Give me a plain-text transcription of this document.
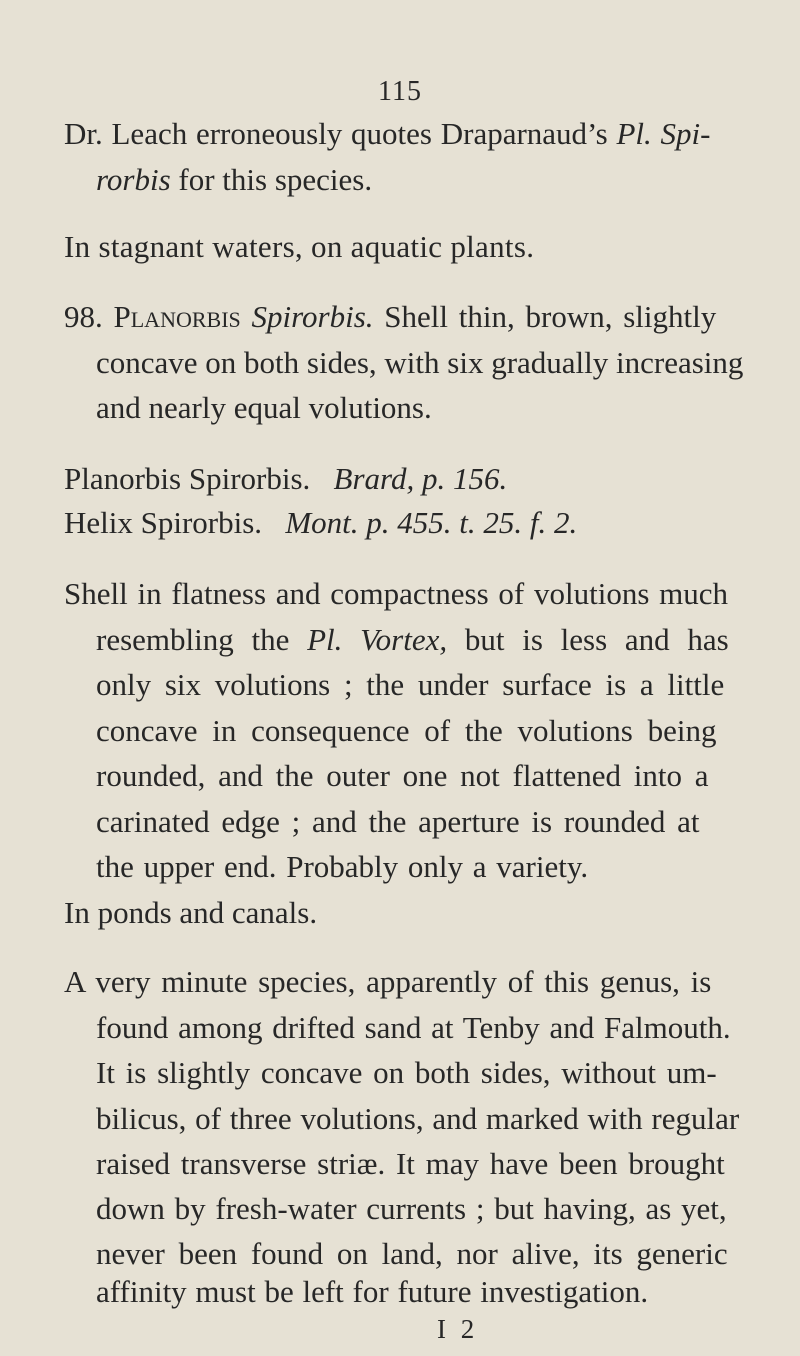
115
Dr. Leach erroneously quotes Draparnaud’s Pl. Spi-
rorbis for this species.
In stagnant waters, on aquatic plants.
98. Planorbis Spirorbis. Shell thin, brown, slightly
concave on both sides, with six gradually increasing
and nearly equal volutions.
Planorbis Spirorbis. Brard, p. 156.
Helix Spirorbis. Mont. p. 455. t. 25. f. 2.
Shell in flatness and compactness of volutions much
resembling the Pl. Vortex, but is less and has
only six volutions ; the under surface is a little
concave in consequence of the volutions being
rounded, and the outer one not flattened into a
carinated edge ; and the aperture is rounded at
the upper end. Probably only a variety.
In ponds and canals.
A very minute species, apparently of this genus, is
found among drifted sand at Tenby and Falmouth.
It is slightly concave on both sides, without um-
bilicus, of three volutions, and marked with regular
raised transverse striæ. It may have been brought
down by fresh-water currents ; but having, as yet,
never been found on land, nor alive, its generic
affinity must be left for future investigation.
I 2
